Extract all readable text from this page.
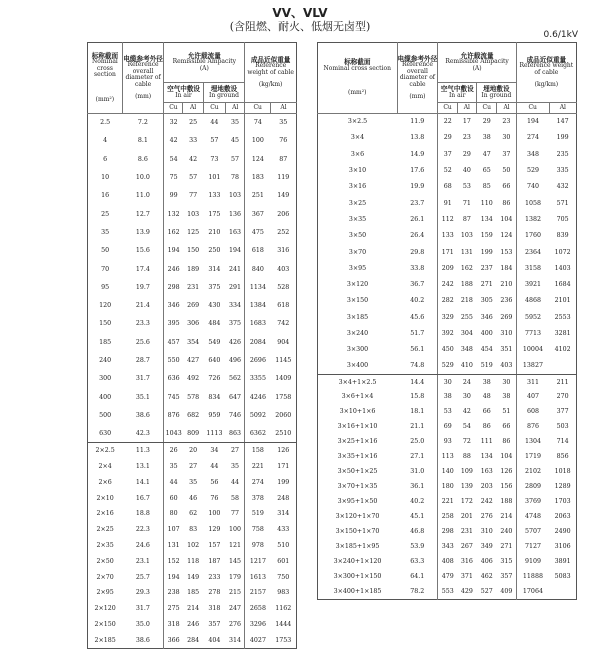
VV、VLV
(含阻燃、耐火、低烟无卤型)
0.6/1kV
标称截面
Nominal cross section
(mm²)	电缆参考外径
Reference overall diameter of cable
(mm)	允许载流量
Remissible Ampacity
(A)				成品近似重量
Reference weight of cable
(kg/km)	

		空气中敷设
In air		埋地敷设
In ground			

		Cu	Al	Cu	Al	Cu	Al
2.5	7.2	32	25	44	35	74	35
4	8.1	42	33	57	45	100	76
6	8.6	54	42	73	57	124	87
10	10.0	75	57	101	78	183	119
16	11.0	99	77	133	103	251	149
25	12.7	132	103	175	136	367	206
35	13.9	162	125	210	163	475	252
50	15.6	194	150	250	194	618	316
70	17.4	246	189	314	241	840	403
95	19.7	298	231	375	291	1134	528
120	21.4	346	269	430	334	1384	618
150	23.3	395	306	484	375	1683	742
185	25.6	457	354	549	426	2084	904
240	28.7	550	427	640	496	2696	1145
300	31.7	636	492	726	562	3355	1409
400	35.1	745	578	834	647	4246	1758
500	38.6	876	682	959	746	5092	2060
630	42.3	1043	809	1113	863	6362	2510
2×2.5	11.3	26	20	34	27	158	126
2×4	13.1	35	27	44	35	221	171
2×6	14.1	44	35	56	44	274	199
2×10	16.7	60	46	76	58	378	248
2×16	18.8	80	62	100	77	519	314
2×25	22.3	107	83	129	100	758	433
2×35	24.6	131	102	157	121	978	510
2×50	23.1	152	118	187	145	1217	601
2×70	25.7	194	149	233	179	1613	750
2×95	29.3	238	185	278	215	2157	983
2×120	31.7	275	214	318	247	2658	1162
2×150	35.0	318	246	357	276	3296	1444
2×185	38.6	366	284	404	314	4027	1753
标称截面
Nominal cross section
(mm²)	电缆参考外径
Reference overall diameter of cable
(mm)	允许载流量
Remissible Ampacity
(A)				成品近似重量
Reference weight of cable
(kg/km)	

		空气中敷设
In air		埋地敷设
In ground			

		Cu	Al	Cu	Al	Cu	Al
3×2.5	11.9	22	17	29	23	194	147
3×4	13.8	29	23	38	30	274	199
3×6	14.9	37	29	47	37	348	235
3×10	17.6	52	40	65	50	529	335
3×16	19.9	68	53	85	66	740	432
3×25	23.7	91	71	110	86	1058	571
3×35	26.1	112	87	134	104	1382	705
3×50	26.4	133	103	159	124	1760	839
3×70	29.8	171	131	199	153	2364	1072
3×95	33.8	209	162	237	184	3158	1403
3×120	36.7	242	188	271	210	3921	1684
3×150	40.2	282	218	305	236	4868	2101
3×185	45.6	329	255	346	269	5952	2553
3×240	51.7	392	304	400	310	7713	3281
3×300	56.1	450	348	454	351	10004	4102
3×400	74.8	529	410	519	403	13827	
3×4+1×2.5	14.4	30	24	38	30	311	211
3×6+1×4	15.8	38	30	48	38	407	270
3×10+1×6	18.1	53	42	66	51	608	377
3×16+1×10	21.1	69	54	86	66	876	503
3×25+1×16	25.0	93	72	111	86	1304	714
3×35+1×16	27.1	113	88	134	104	1719	856
3×50+1×25	31.0	140	109	163	126	2102	1018
3×70+1×35	36.1	180	139	203	156	2809	1289
3×95+1×50	40.2	221	172	242	188	3769	1703
3×120+1×70	45.1	258	201	276	214	4748	2063
3×150+1×70	46.8	298	231	310	240	5707	2490
3×185+1×95	53.9	343	267	349	271	7127	3106
3×240+1×120	63.3	408	316	406	315	9109	3891
3×300+1×150	64.1	479	371	462	357	11888	5083
3×400+1×185	78.2	553	429	527	409	17064	
